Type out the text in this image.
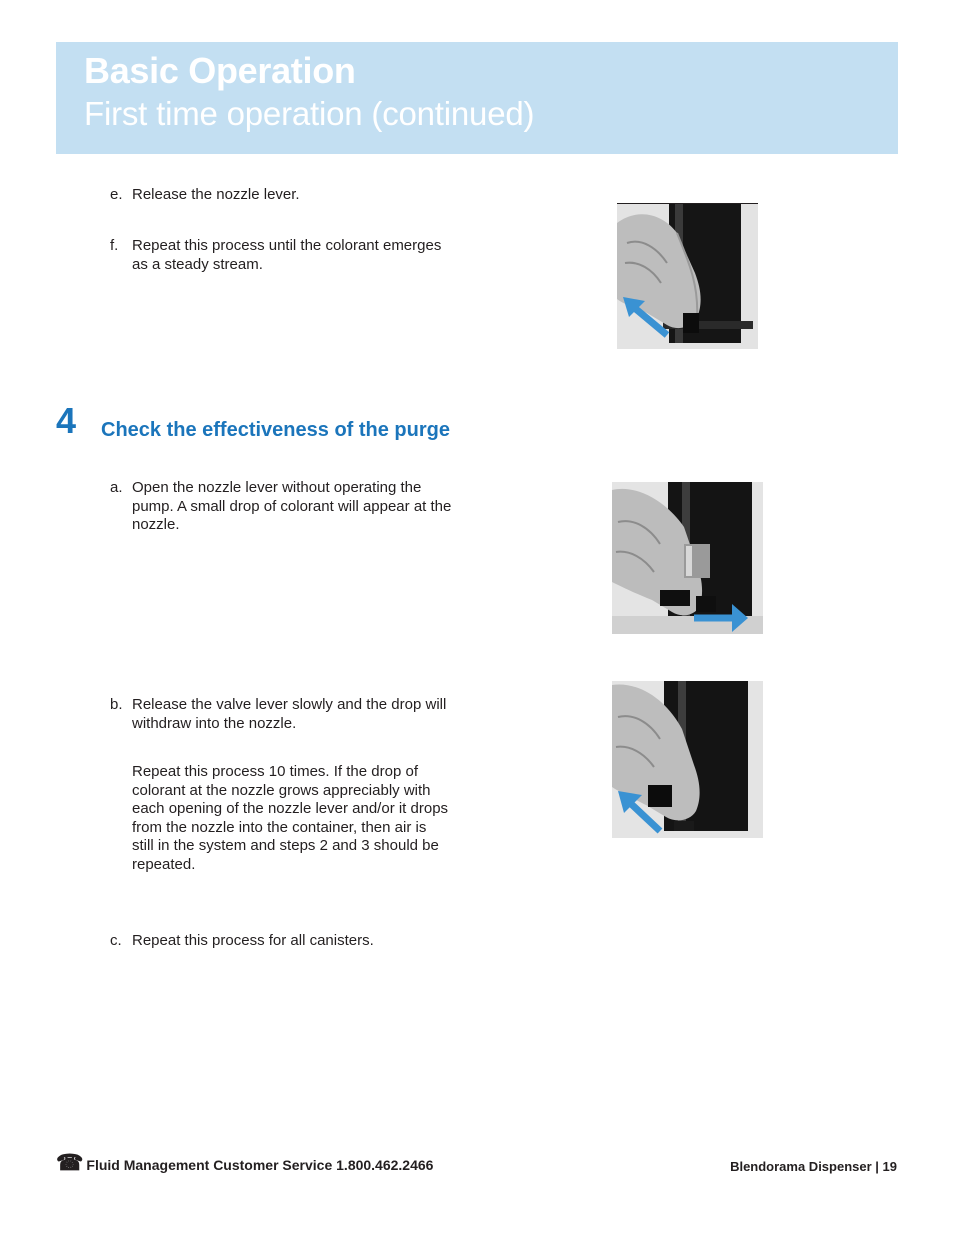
Basic Operation
First time operation (continued)
e. Release the nozzle lever.
f. Repeat this process until the colorant emerges
as a steady stream.
4 Check the effectiveness of the purge
a. Open the nozzle lever without operating the
pump. A small drop of colorant will appear at the
nozzle.
b. Release the valve lever slowly and the drop will
withdraw into the nozzle.
Repeat this process 10 times. If the drop of
colorant at the nozzle grows appreciably with
each opening of the nozzle lever and/or it drops
from the nozzle into the container, then air is
still in the system and steps 2 and 3 should be
repeated.
c. Repeat this process for all canisters.
☎ Fluid Management Customer Service 1.800.462.2466	Blendorama Dispenser | 19
